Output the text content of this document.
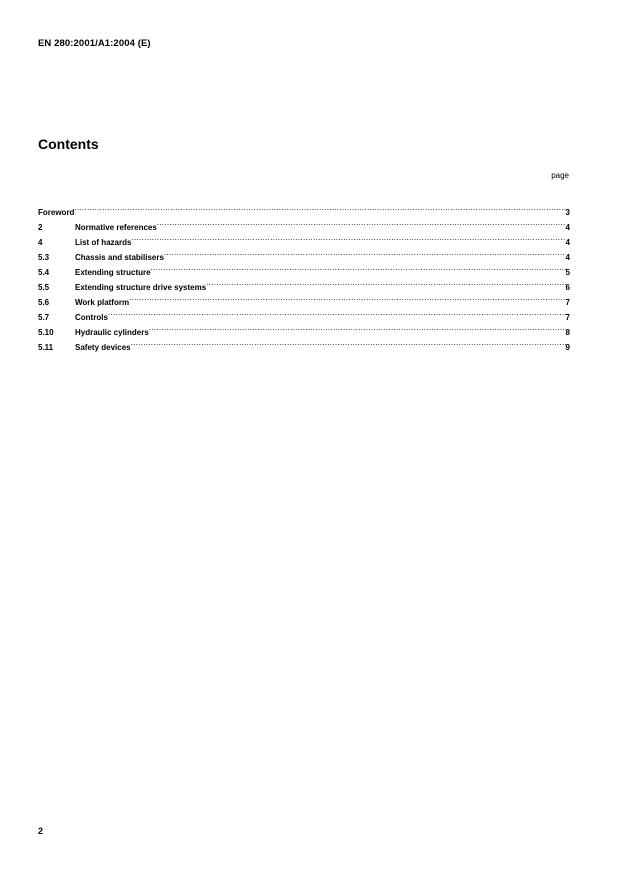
EN 280:2001/A1:2004 (E)
Contents
page
Foreword .....	3
2	Normative references .....	4
4	List of hazards .....	4
5.3	Chassis and stabilisers .....	4
5.4	Extending structure .....	5
5.5	Extending structure drive systems .....	6
5.6	Work platform .....	7
5.7	Controls .....	7
5.10	Hydraulic cylinders .....	8
5.11	Safety devices .....	9
2
